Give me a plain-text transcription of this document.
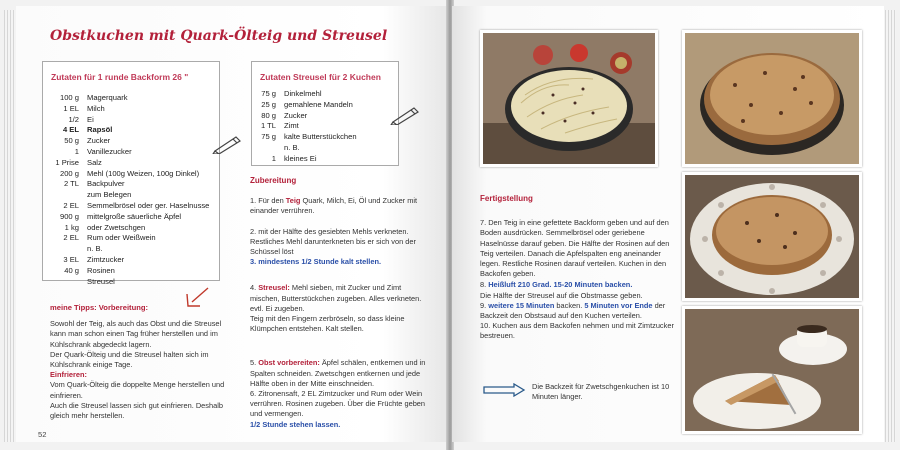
Obstkuchen mit Quark-Ölteig und Streusel
Zutaten für 1 runde Backform 26 "
100 g	Magerquark
1 EL	Milch
1/2	Ei
4 EL	Rapsöl
50 g	Zucker
1	Vanillezucker
1 Prise	Salz
200 g	Mehl (100g Weizen, 100g Dinkel)
2 TL	Backpulver
zum Belegen
2 EL	Semmelbrösel oder ger. Haselnusse
900 g	mittelgroße säuerliche Äpfel
1 kg	oder Zwetschgen
2 EL	Rum oder Weißwein
n. B.
3 EL	Zimtzucker
40 g	Rosinen
Streusel
Zutaten Streusel für 2 Kuchen
75 g	Dinkelmehl
25 g	gemahlene Mandeln
80 g	Zucker
1 TL	Zimt
75 g	kalte Butterstückchen
n. B.
1	kleines Ei
meine Tipps: Vorbereitung:
Sowohl der Teig, als auch das Obst und die Streusel kann man schon einen Tag früher herstellen und im Kühlschrank abgedeckt lagern.
Der Quark-Ölteig und die Streusel halten sich im Kühlschrank einige Tage.
Einfrieren:
Vom Quark-Ölteig die doppelte Menge herstellen und einfrieren.
Auch die Streusel lassen sich gut einfrieren. Deshalb gleich mehr herstellen.
Zubereitung

1. Für den Teig Quark, Milch, Ei, Öl und Zucker mit einander verrühren.

2. mit der Hälfte des gesiebten Mehls verkneten. Restliches Mehl darunterkneten bis er sich von der Schüssel löst

3. mindestens 1/2 Stunde kalt stellen.

4. Streusel: Mehl sieben, mit Zucker und Zimt mischen, Butterstückchen zugeben. Alles verkneten. evtl. Ei zugeben.

Teig mit den Fingern zerbröseln, so dass kleine Klümpchen entstehen. Kalt stellen.

5. Obst vorbereiten: Äpfel schälen, entkernen und in Spalten schneiden. Zwetschgen entkernen und jede Hälfte oben in der Mitte einschneiden.
6. Zitronensaft, 2 EL Zimtzucker und Rum oder Wein verrühren. Rosinen zugeben. Über die Früchte geben und vermengen.
1/2 Stunde stehen lassen.
52
Fertigstellung

7. Den Teig in eine gefettete Backform geben und auf den Boden ausdrücken. Semmelbrösel oder geriebene Haselnüsse darauf geben. Die Hälfte der Rosinen auf den Teig verteilen. Danach die Apfelspalten eng aneinander legen. Restliche Rosinen darauf verteilen. Kuchen in den Backofen geben.

8. Heißluft 210 Grad. 15-20 Minuten backen.
Die Hälfte der Streusel auf die Obstmasse geben.
9. weitere 15 Minuten backen. 5 Minuten vor Ende der Backzeit den Obstsaud auf den Kuchen verteilen.
10. Kuchen aus dem Backofen nehmen und mit Zimtzucker bestreuen.
Die Backzeit für Zwetschgenkuchen ist 10 Minuten länger.
